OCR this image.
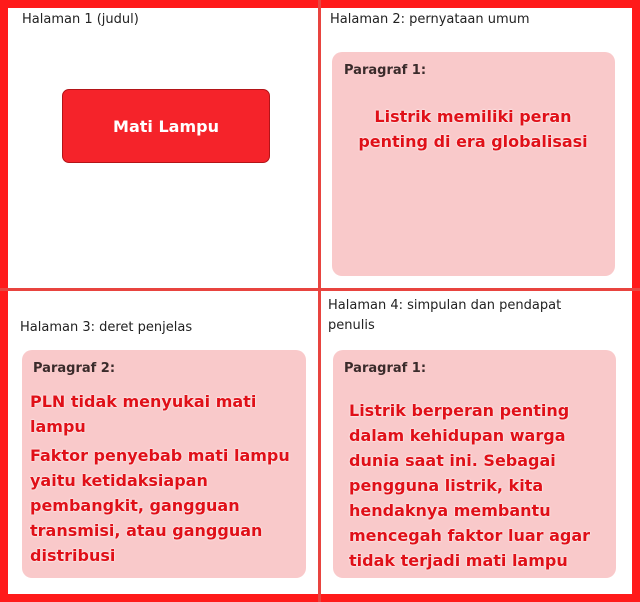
Halaman 1 (judul)
Mati Lampu
Halaman 2: pernyataan umum
Paragraf 1:
Listrik memiliki peran
penting di era globalisasi
Halaman 3: deret penjelas
Paragraf 2:
PLN tidak menyukai mati
lampu
Faktor penyebab mati lampu
yaitu ketidaksiapan
pembangkit, gangguan
transmisi, atau gangguan
distribusi
Halaman 4: simpulan dan pendapat
penulis
Paragraf 1:
Listrik berperan penting
dalam kehidupan warga
dunia saat ini. Sebagai
pengguna listrik, kita
hendaknya membantu
mencegah faktor luar agar
tidak terjadi mati lampu
